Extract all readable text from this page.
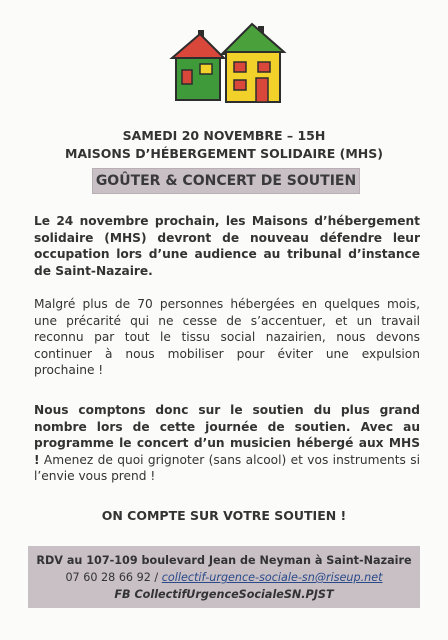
SAMEDI 20 NOVEMBRE – 15H
MAISONS D’HÉBERGEMENT SOLIDAIRE (MHS)
GOÛTER & CONCERT DE SOUTIEN
Le 24 novembre prochain, les Maisons d’hébergement solidaire (MHS) devront de nouveau défendre leur occupation lors d’une audience au tribunal d’instance de Saint-Nazaire.
Malgré plus de 70 personnes hébergées en quelques mois, une précarité qui ne cesse de s’accentuer, et un travail reconnu par tout le tissu social nazairien, nous devons continuer à nous mobiliser pour éviter une expulsion prochaine !
Nous comptons donc sur le soutien du plus grand nombre lors de cette journée de soutien. Avec au programme le concert d’un musicien hébergé aux MHS ! Amenez de quoi grignoter (sans alcool) et vos instruments si l’envie vous prend !
ON COMPTE SUR VOTRE SOUTIEN !
RDV au 107-109 boulevard Jean de Neyman à Saint-Nazaire
07 60 28 66 92 / collectif-urgence-sociale-sn@riseup.net
FB CollectifUrgenceSocialeSN.PJST
